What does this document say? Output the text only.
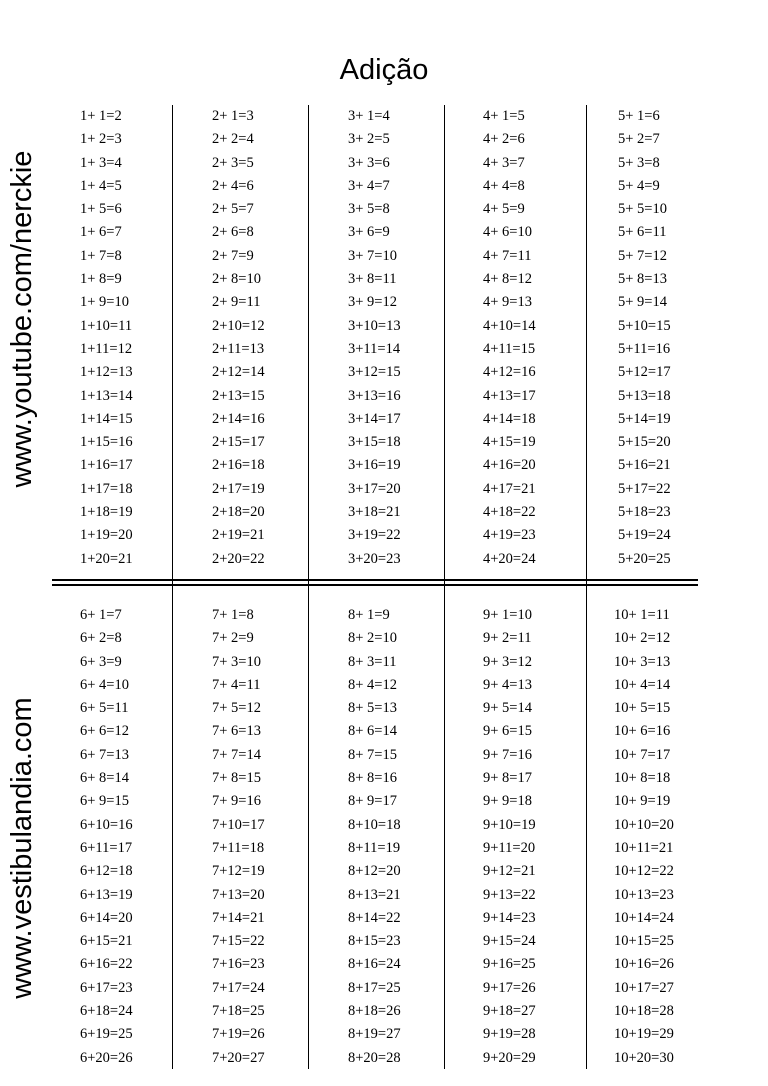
Adição
www.youtube.com/nerckie
www.vestibulandia.com
1+ 1=2
1+ 2=3
1+ 3=4
1+ 4=5
1+ 5=6
1+ 6=7
1+ 7=8
1+ 8=9
1+ 9=10
1+10=11
1+11=12
1+12=13
1+13=14
1+14=15
1+15=16
1+16=17
1+17=18
1+18=19
1+19=20
1+20=21
2+ 1=3
2+ 2=4
2+ 3=5
2+ 4=6
2+ 5=7
2+ 6=8
2+ 7=9
2+ 8=10
2+ 9=11
2+10=12
2+11=13
2+12=14
2+13=15
2+14=16
2+15=17
2+16=18
2+17=19
2+18=20
2+19=21
2+20=22
3+ 1=4
3+ 2=5
3+ 3=6
3+ 4=7
3+ 5=8
3+ 6=9
3+ 7=10
3+ 8=11
3+ 9=12
3+10=13
3+11=14
3+12=15
3+13=16
3+14=17
3+15=18
3+16=19
3+17=20
3+18=21
3+19=22
3+20=23
4+ 1=5
4+ 2=6
4+ 3=7
4+ 4=8
4+ 5=9
4+ 6=10
4+ 7=11
4+ 8=12
4+ 9=13
4+10=14
4+11=15
4+12=16
4+13=17
4+14=18
4+15=19
4+16=20
4+17=21
4+18=22
4+19=23
4+20=24
5+ 1=6
5+ 2=7
5+ 3=8
5+ 4=9
5+ 5=10
5+ 6=11
5+ 7=12
5+ 8=13
5+ 9=14
5+10=15
5+11=16
5+12=17
5+13=18
5+14=19
5+15=20
5+16=21
5+17=22
5+18=23
5+19=24
5+20=25
6+ 1=7
6+ 2=8
6+ 3=9
6+ 4=10
6+ 5=11
6+ 6=12
6+ 7=13
6+ 8=14
6+ 9=15
6+10=16
6+11=17
6+12=18
6+13=19
6+14=20
6+15=21
6+16=22
6+17=23
6+18=24
6+19=25
6+20=26
7+ 1=8
7+ 2=9
7+ 3=10
7+ 4=11
7+ 5=12
7+ 6=13
7+ 7=14
7+ 8=15
7+ 9=16
7+10=17
7+11=18
7+12=19
7+13=20
7+14=21
7+15=22
7+16=23
7+17=24
7+18=25
7+19=26
7+20=27
8+ 1=9
8+ 2=10
8+ 3=11
8+ 4=12
8+ 5=13
8+ 6=14
8+ 7=15
8+ 8=16
8+ 9=17
8+10=18
8+11=19
8+12=20
8+13=21
8+14=22
8+15=23
8+16=24
8+17=25
8+18=26
8+19=27
8+20=28
9+ 1=10
9+ 2=11
9+ 3=12
9+ 4=13
9+ 5=14
9+ 6=15
9+ 7=16
9+ 8=17
9+ 9=18
9+10=19
9+11=20
9+12=21
9+13=22
9+14=23
9+15=24
9+16=25
9+17=26
9+18=27
9+19=28
9+20=29
10+ 1=11
10+ 2=12
10+ 3=13
10+ 4=14
10+ 5=15
10+ 6=16
10+ 7=17
10+ 8=18
10+ 9=19
10+10=20
10+11=21
10+12=22
10+13=23
10+14=24
10+15=25
10+16=26
10+17=27
10+18=28
10+19=29
10+20=30
